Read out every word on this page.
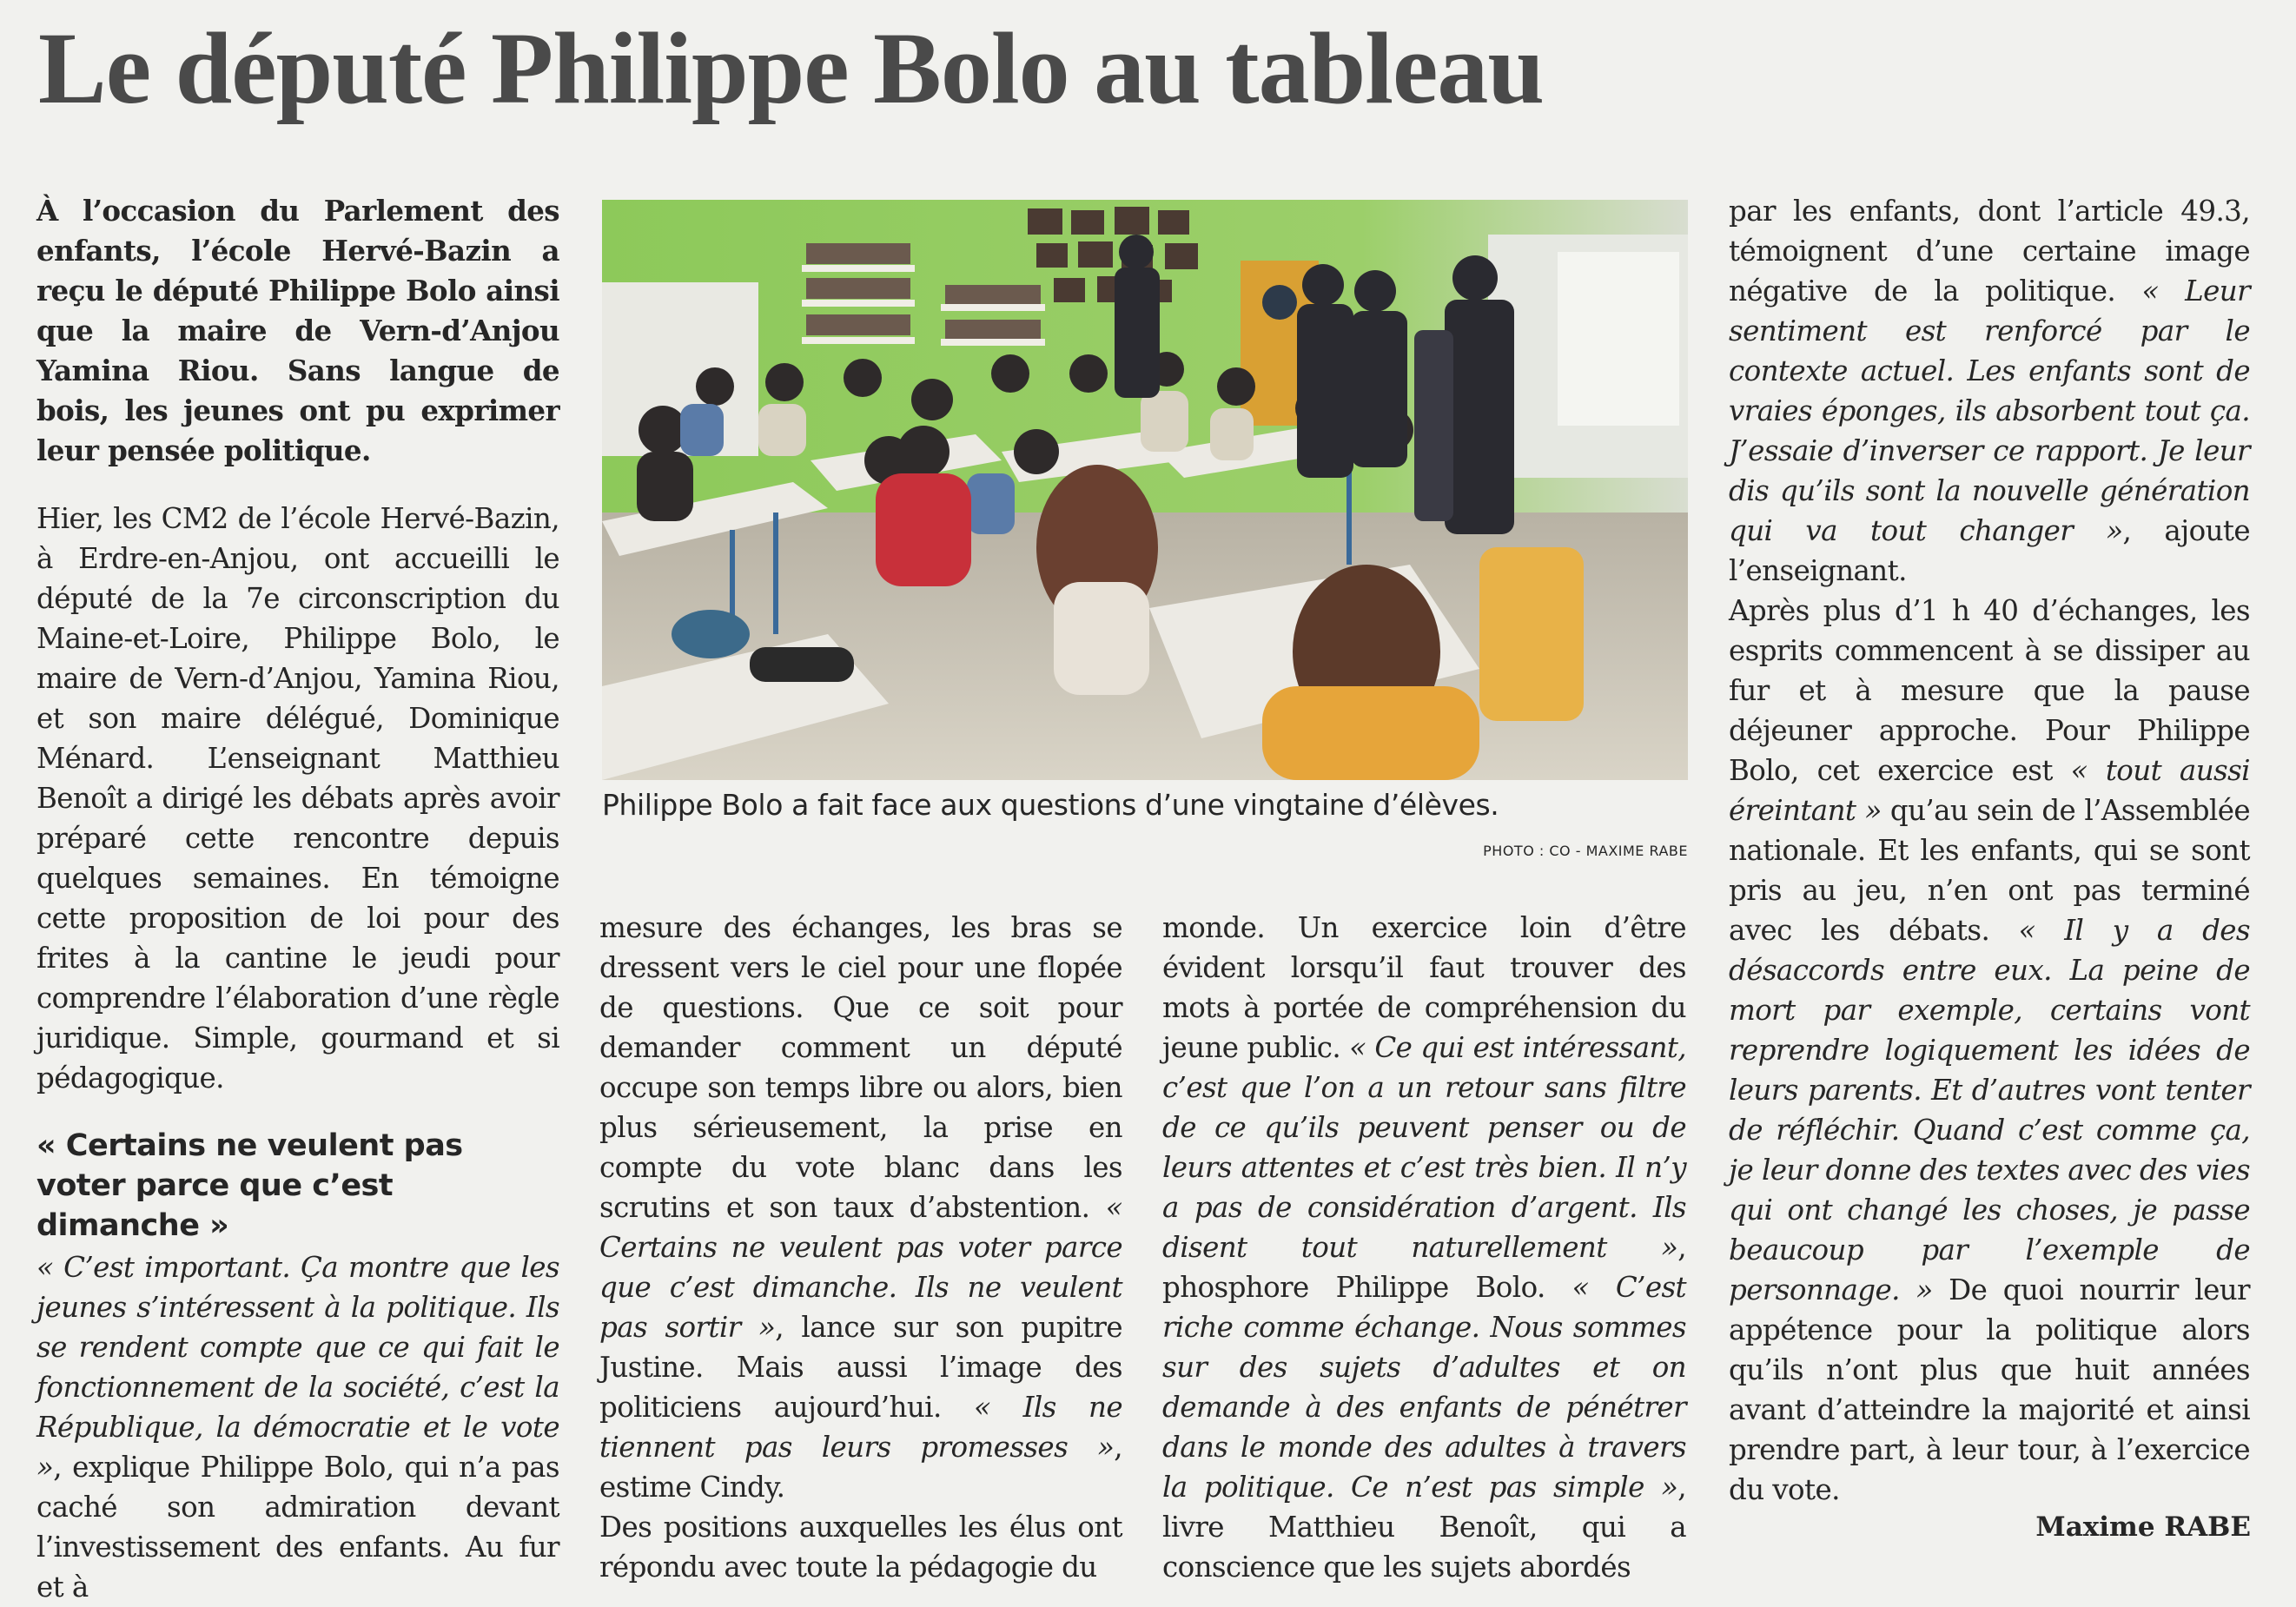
Le député Philippe Bolo au tableau

À l’occasion du Parlement des enfants, l’école Hervé-Bazin a reçu le député Philippe Bolo ainsi que la maire de Vern-d’Anjou Yamina Riou. Sans langue de bois, les jeunes ont pu exprimer leur pensée politique.

Hier, les CM2 de l’école Hervé-Bazin, à Erdre-en-Anjou, ont accueilli le député de la 7e circonscription du Maine-et-Loire, Philippe Bolo, le maire de Vern-d’Anjou, Yamina Riou, et son maire délégué, Dominique Ménard. L’enseignant Matthieu Benoît a dirigé les débats après avoir préparé cette rencontre depuis quelques semaines. En témoigne cette proposition de loi pour des frites à la cantine le jeudi pour comprendre l’élaboration d’une règle juridique. Simple, gourmand et si pédagogique.

« Certains ne veulent pas voter parce que c’est dimanche »

« C’est important. Ça montre que les jeunes s’intéressent à la politique. Ils se rendent compte que ce qui fait le fonctionnement de la société, c’est la République, la démocratie et le vote », explique Philippe Bolo, qui n’a pas caché son admiration devant l’investissement des enfants. Au fur et à

Philippe Bolo a fait face aux questions d’une vingtaine d’élèves.
PHOTO : CO - MAXIME RABE

mesure des échanges, les bras se dressent vers le ciel pour une flopée de questions. Que ce soit pour demander comment un député occupe son temps libre ou alors, bien plus sérieusement, la prise en compte du vote blanc dans les scrutins et son taux d’abstention. « Certains ne veulent pas voter parce que c’est dimanche. Ils ne veulent pas sortir », lance sur son pupitre Justine. Mais aussi l’image des politiciens aujourd’hui. « Ils ne tiennent pas leurs promesses », estime Cindy.

Des positions auxquelles les élus ont répondu avec toute la pédagogie du

monde. Un exercice loin d’être évident lorsqu’il faut trouver des mots à portée de compréhension du jeune public. « Ce qui est intéressant, c’est que l’on a un retour sans filtre de ce qu’ils peuvent penser ou de leurs attentes et c’est très bien. Il n’y a pas de considération d’argent. Ils disent tout naturellement », phosphore Philippe Bolo. « C’est riche comme échange. Nous sommes sur des sujets d’adultes et on demande à des enfants de pénétrer dans le monde des adultes à travers la politique. Ce n’est pas simple », livre Matthieu Benoît, qui a conscience que les sujets abordés

par les enfants, dont l’article 49.3, témoignent d’une certaine image négative de la politique. « Leur sentiment est renforcé par le contexte actuel. Les enfants sont de vraies éponges, ils absorbent tout ça. J’essaie d’inverser ce rapport. Je leur dis qu’ils sont la nouvelle génération qui va tout changer », ajoute l’enseignant.

Après plus d’1 h 40 d’échanges, les esprits commencent à se dissiper au fur et à mesure que la pause déjeuner approche. Pour Philippe Bolo, cet exercice est « tout aussi éreintant » qu’au sein de l’Assemblée nationale. Et les enfants, qui se sont pris au jeu, n’en ont pas terminé avec les débats. « Il y a des désaccords entre eux. La peine de mort par exemple, certains vont reprendre logiquement les idées de leurs parents. Et d’autres vont tenter de réfléchir. Quand c’est comme ça, je leur donne des textes avec des vies qui ont changé les choses, je passe beaucoup par l’exemple de personnage. » De quoi nourrir leur appétence pour la politique alors qu’ils n’ont plus que huit années avant d’atteindre la majorité et ainsi prendre part, à leur tour, à l’exercice du vote.

Maxime RABE
